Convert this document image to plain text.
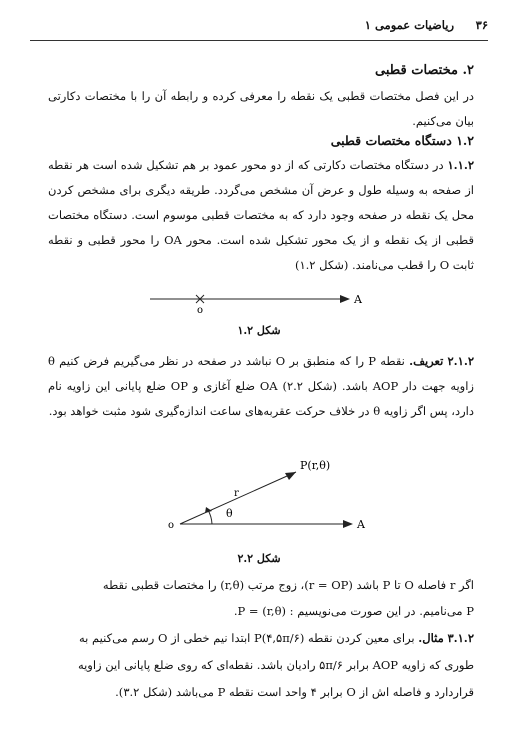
۳۶
ریاضیات عمومی ۱
۲. مختصات قطبی
در این فصل مختصات قطبی یک نقطه را معرفی کرده و رابطه آن را با مختصات دکارتی بیان می‌کنیم.
۱.۲ دستگاه مختصات قطبی
۱.۱.۲ در دستگاه مختصات دکارتی که از دو محور عمود بر هم تشکیل شده است هر نقطه از صفحه به وسیله طول و عرض آن مشخص می‌گردد. طریقه دیگری برای مشخص کردن محل یک نقطه در صفحه وجود دارد که به مختصات قطبی موسوم است. دستگاه مختصات قطبی از یک نقطه و از یک محور تشکیل شده است. محور OA را محور قطبی و نقطه ثابت O را قطب می‌نامند. (شکل ۱.۲)
o
A
شکل ۱.۲
۲.۱.۲ تعریف. نقطه P را که منطبق بر O نباشد در صفحه در نظر می‌گیریم فرض کنیم θ زاویه جهت دار AOP باشد. (شکل ۲.۲) OA ضلع آغازی و OP ضلع پایانی این زاویه نام دارد، پس اگر زاویه θ در خلاف حرکت عقربه‌های ساعت اندازه‌گیری شود مثبت خواهد بود.
o	A
P(r,θ)
r
θ
شکل ۲.۲
اگر r فاصله O تا P باشد (r = OP)، زوج مرتب (r,θ) را مختصات قطبی نقطه
P می‌نامیم. در این صورت می‌نویسیم : P = (r,θ).
۳.۱.۲ مثال. برای معین کردن نقطه (P(۴,۵π/۶ ابتدا نیم خطی از O رسم می‌کنیم به
طوری که زاویه AOP برابر ۵π/۶ رادیان باشد. نقطه‌ای که روی ضلع پایانی این زاویه
قراردارد و فاصله اش از O برابر ۴ واحد است نقطه P می‌باشد (شکل ۳.۲).
